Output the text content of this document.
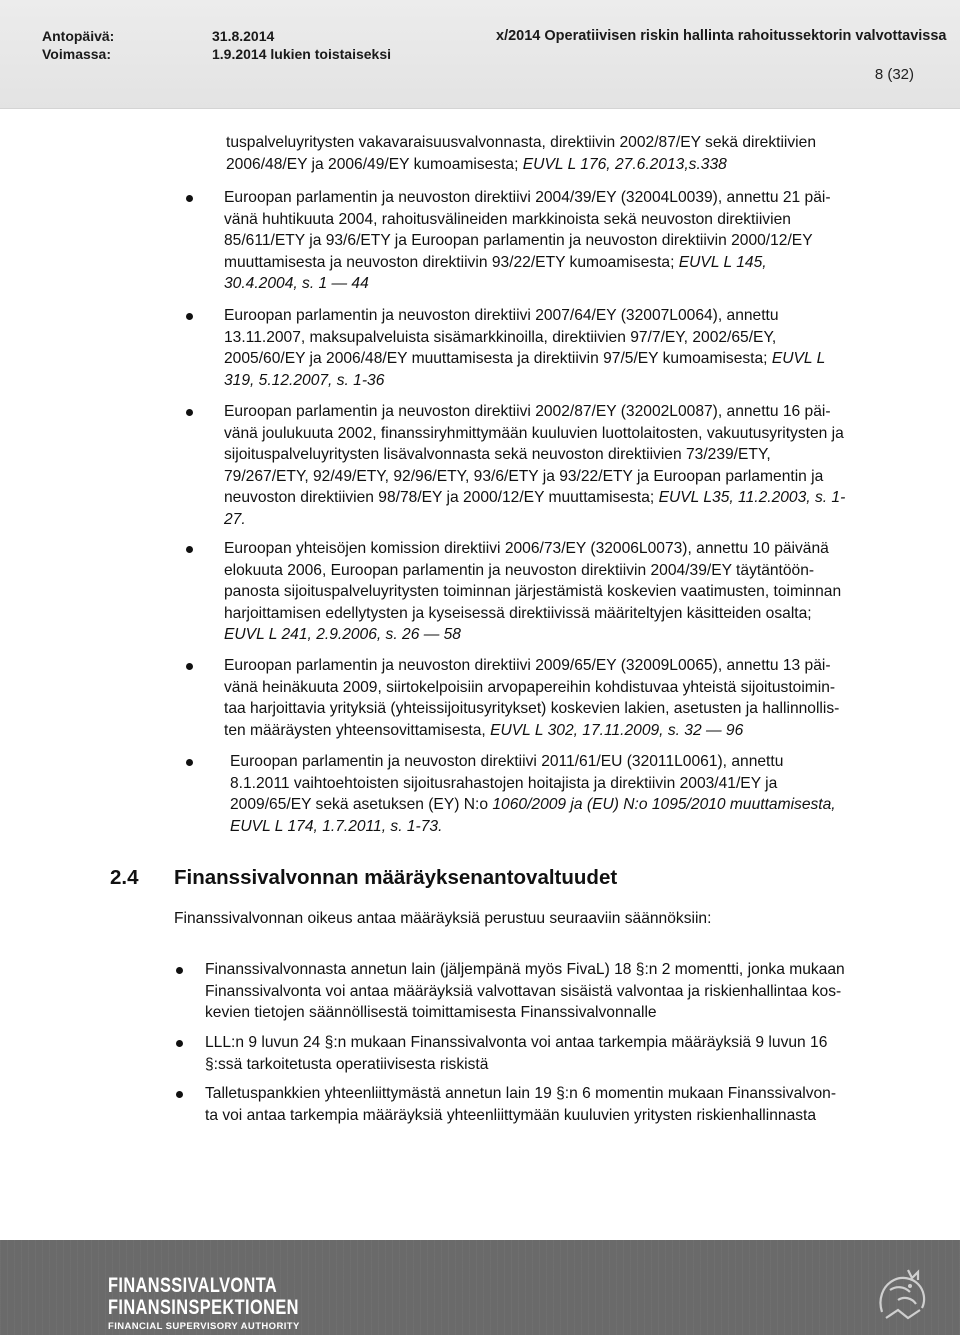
Antopäivä:	31.8.2014
Voimassa:	1.9.2014 lukien toistaiseksi
x/2014 Operatiivisen riskin hallinta rahoitussektorin valvottavissa
8 (32)
tuspalveluyritysten vakavaraisuusvalvonnasta, direktiivin 2002/87/EY sekä direktiivien
2006/48/EY ja 2006/49/EY kumoamisesta; EUVL L 176, 27.6.2013,s.338
Euroopan parlamentin ja neuvoston direktiivi 2004/39/EY (32004L0039), annettu 21 päi-
vänä huhtikuuta 2004, rahoitusvälineiden markkinoista sekä neuvoston direktiivien
85/611/ETY ja 93/6/ETY ja Euroopan parlamentin ja neuvoston direktiivin 2000/12/EY
muuttamisesta ja neuvoston direktiivin 93/22/ETY kumoamisesta; EUVL L 145,
30.4.2004, s. 1 — 44
Euroopan parlamentin ja neuvoston direktiivi 2007/64/EY (32007L0064), annettu
13.11.2007, maksupalveluista sisämarkkinoilla, direktiivien 97/7/EY, 2002/65/EY,
2005/60/EY ja 2006/48/EY muuttamisesta ja direktiivin 97/5/EY kumoamisesta; EUVL L
319, 5.12.2007, s. 1-36
Euroopan parlamentin ja neuvoston direktiivi 2002/87/EY (32002L0087), annettu 16 päi-
vänä joulukuuta 2002, finanssiryhmittymään kuuluvien luottolaitosten, vakuutusyritysten ja
sijoituspalveluyritysten lisävalvonnasta sekä neuvoston direktiivien 73/239/ETY,
79/267/ETY, 92/49/ETY, 92/96/ETY, 93/6/ETY ja 93/22/ETY ja Euroopan parlamentin ja
neuvoston direktiivien 98/78/EY ja 2000/12/EY muuttamisesta; EUVL L35, 11.2.2003, s. 1-
27.
Euroopan yhteisöjen komission direktiivi 2006/73/EY (32006L0073), annettu 10 päivänä
elokuuta 2006, Euroopan parlamentin ja neuvoston direktiivin 2004/39/EY täytäntöön-
panosta sijoituspalveluyritysten toiminnan järjestämistä koskevien vaatimusten, toiminnan
harjoittamisen edellytysten ja kyseisessä direktiivissä määriteltyjen käsitteiden osalta;
EUVL L 241, 2.9.2006, s. 26 — 58
Euroopan parlamentin ja neuvoston direktiivi 2009/65/EY (32009L0065), annettu 13 päi-
vänä heinäkuuta 2009, siirtokelpoisiin arvopapereihin kohdistuvaa yhteistä sijoitustoimin-
taa harjoittavia yrityksiä (yhteissijoitusyritykset) koskevien lakien, asetusten ja hallinnollis-
ten määräysten yhteensovittamisesta, EUVL L 302, 17.11.2009, s. 32 — 96
Euroopan parlamentin ja neuvoston direktiivi 2011/61/EU (32011L0061), annettu
8.1.2011 vaihtoehtoisten sijoitusrahastojen hoitajista ja direktiivin 2003/41/EY ja
2009/65/EY sekä asetuksen (EY) N:o 1060/2009 ja (EU) N:o 1095/2010 muuttamisesta,
EUVL L 174, 1.7.2011, s. 1-73.
2.4 Finanssivalvonnan määräyksenantovaltuudet
Finanssivalvonnan oikeus antaa määräyksiä perustuu seuraaviin säännöksiin:
Finanssivalvonnasta annetun lain (jäljempänä myös FivaL) 18 §:n 2 momentti, jonka mukaan
Finanssivalvonta voi antaa määräyksiä valvottavan sisäistä valvontaa ja riskienhallintaa kos-
kevien tietojen säännöllisestä toimittamisesta Finanssivalvonnalle
LLL:n 9 luvun 24 §:n mukaan Finanssivalvonta voi antaa tarkempia määräyksiä 9 luvun 16
§:ssä tarkoitetusta operatiivisesta riskistä
Talletuspankkien yhteenliittymästä annetun lain 19 §:n 6 momentin mukaan Finanssivalvon-
ta voi antaa tarkempia määräyksiä yhteenliittymään kuuluvien yritysten riskienhallinnasta
FINANSSIVALVONTA
FINANSINSPEKTIONEN
FINANCIAL SUPERVISORY AUTHORITY
